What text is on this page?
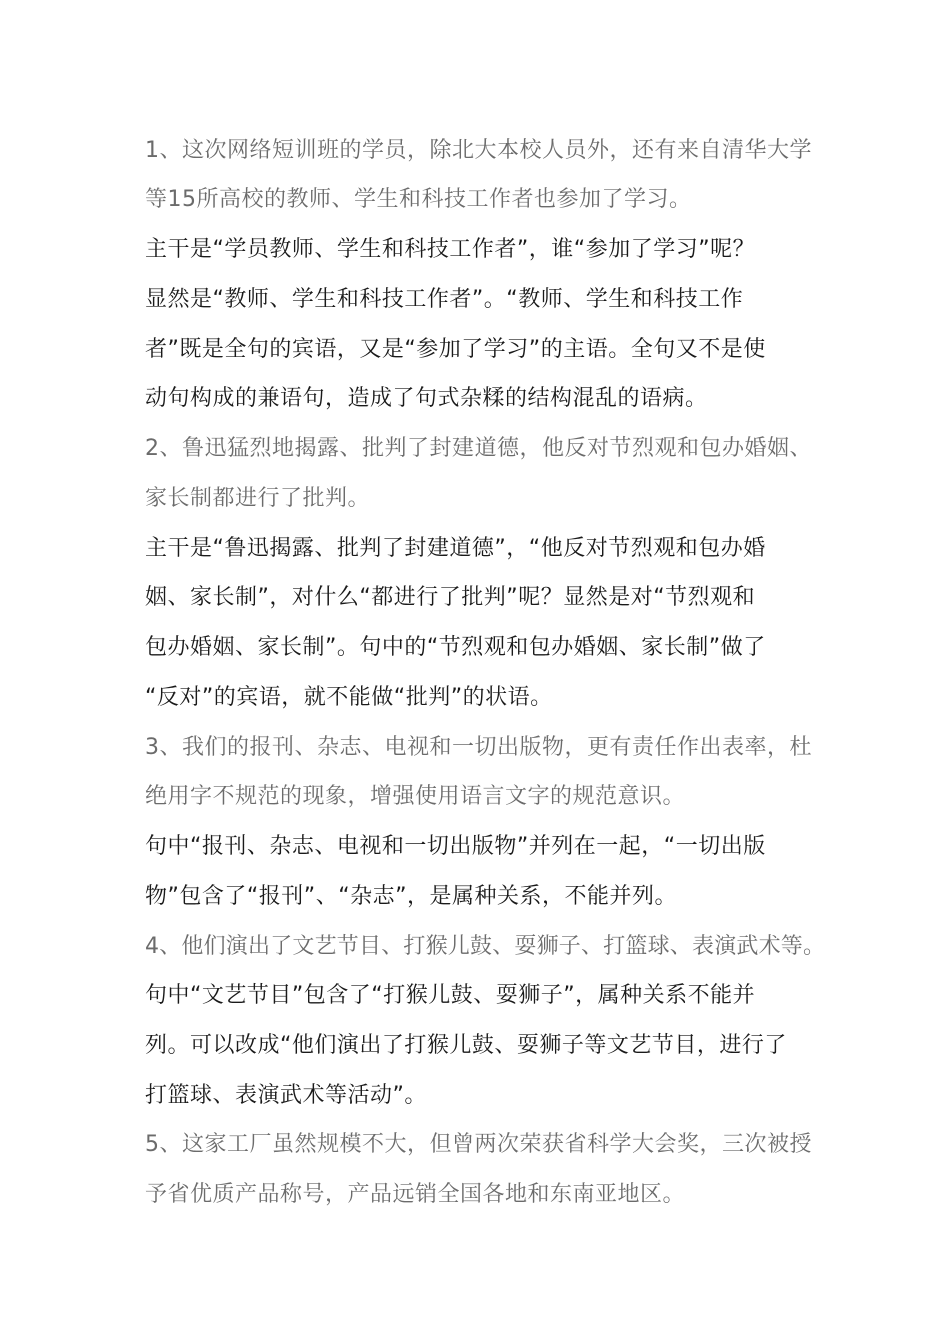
1、这次网络短训班的学员，除北大本校人员外，还有来自清华大学
等15所高校的教师、学生和科技工作者也参加了学习。
主干是“学员教师、学生和科技工作者”，谁“参加了学习”呢？
显然是“教师、学生和科技工作者”。“教师、学生和科技工作
者”既是全句的宾语，又是“参加了学习”的主语。全句又不是使
动句构成的兼语句，造成了句式杂糅的结构混乱的语病。
2、鲁迅猛烈地揭露、批判了封建道德，他反对节烈观和包办婚姻、
家长制都进行了批判。
主干是“鲁迅揭露、批判了封建道德”，“他反对节烈观和包办婚
姻、家长制”，对什么“都进行了批判”呢？显然是对“节烈观和
包办婚姻、家长制”。句中的“节烈观和包办婚姻、家长制”做了
“反对”的宾语，就不能做“批判”的状语。
3、我们的报刊、杂志、电视和一切出版物，更有责任作出表率，杜
绝用字不规范的现象，增强使用语言文字的规范意识。
句中“报刊、杂志、电视和一切出版物”并列在一起，“一切出版
物”包含了“报刊”、“杂志”，是属种关系，不能并列。
4、他们演出了文艺节目、打猴儿鼓、耍狮子、打篮球、表演武术等。
句中“文艺节目”包含了“打猴儿鼓、耍狮子”，属种关系不能并
列。可以改成“他们演出了打猴儿鼓、耍狮子等文艺节目，进行了
打篮球、表演武术等活动”。
5、这家工厂虽然规模不大，但曾两次荣获省科学大会奖，三次被授
予省优质产品称号，产品远销全国各地和东南亚地区。
